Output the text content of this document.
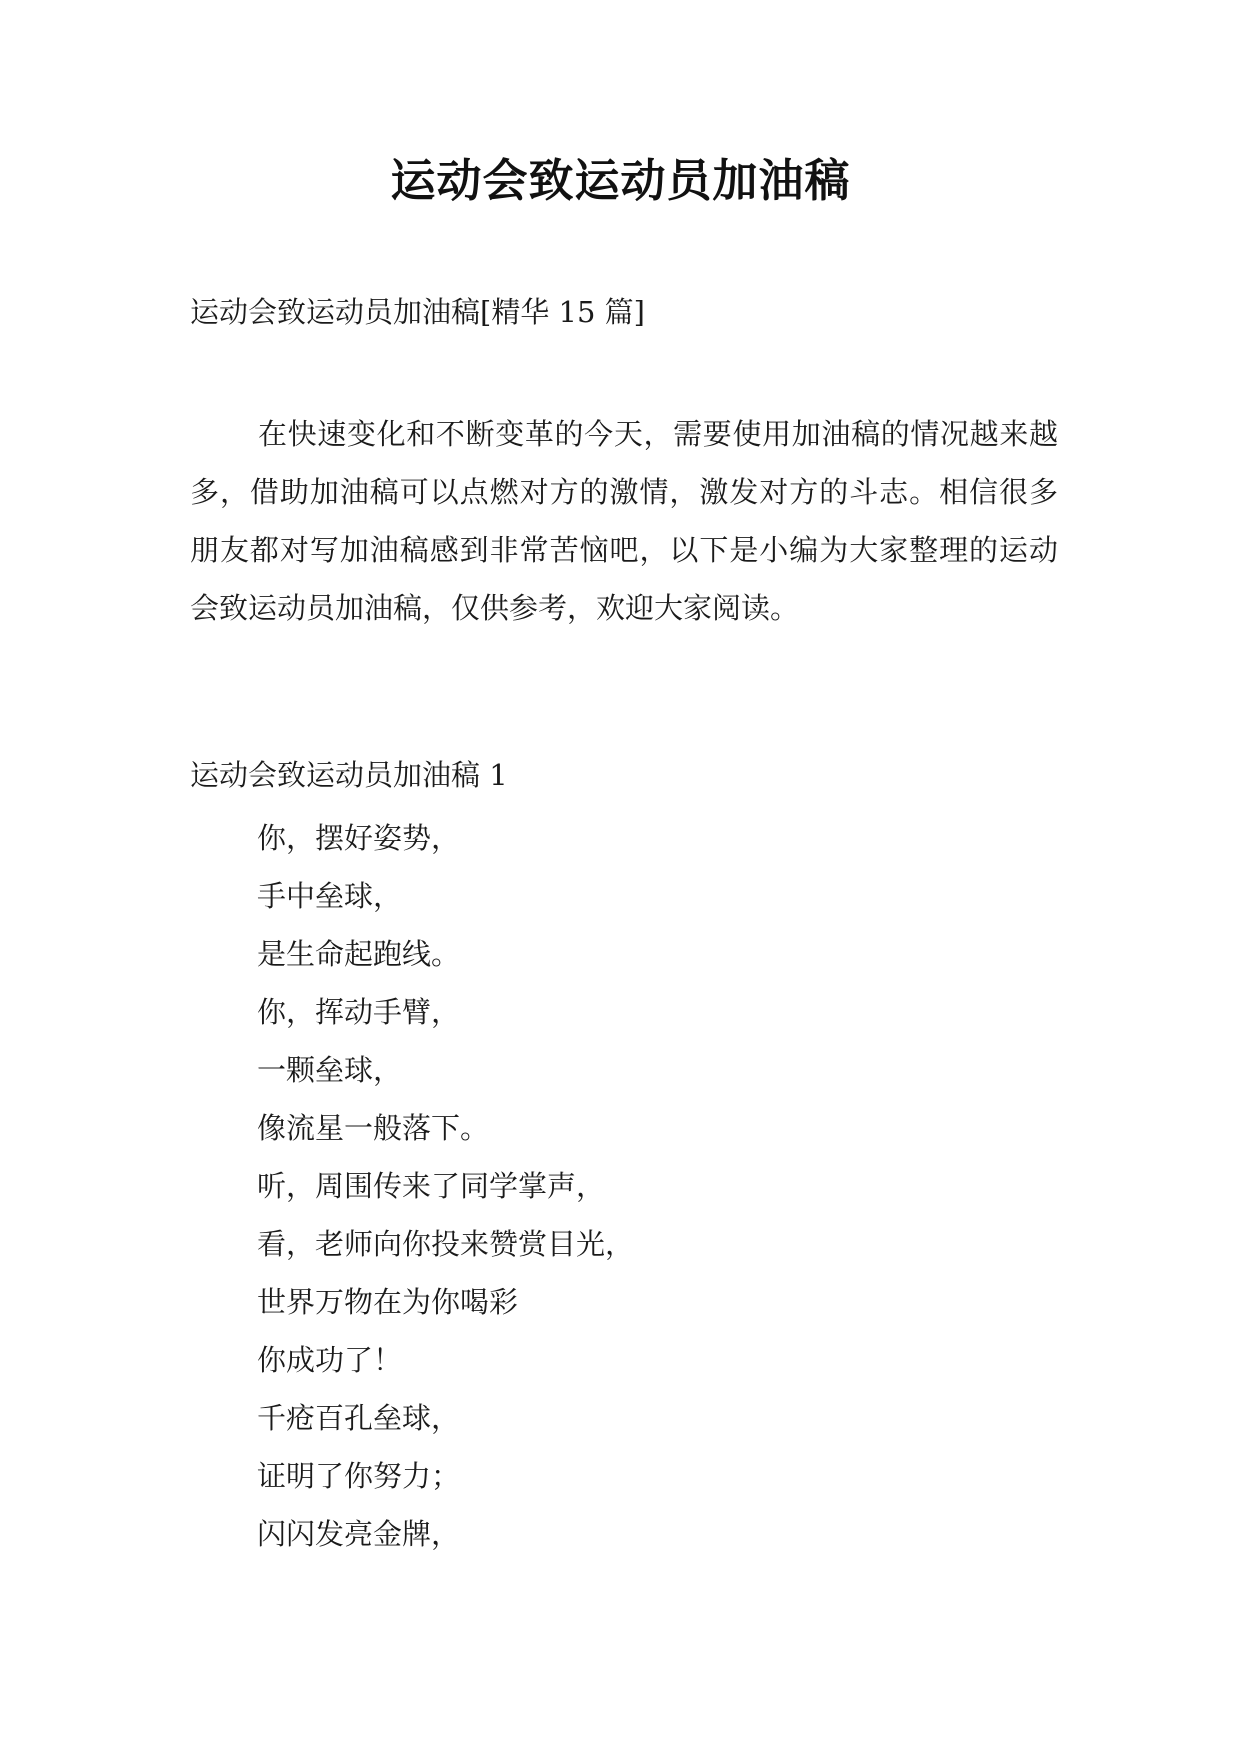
运动会致运动员加油稿
运动会致运动员加油稿[精华 15 篇]

在快速变化和不断变革的今天，需要使用加油稿的情况越来越多，借助加油稿可以点燃对方的激情，激发对方的斗志。相信很多朋友都对写加油稿感到非常苦恼吧，以下是小编为大家整理的运动会致运动员加油稿，仅供参考，欢迎大家阅读。

运动会致运动员加油稿 1
你，摆好姿势，
手中垒球，
是生命起跑线。
你，挥动手臂，
一颗垒球，
像流星一般落下。
听，周围传来了同学掌声，
看，老师向你投来赞赏目光，
世界万物在为你喝彩
你成功了！
千疮百孔垒球，
证明了你努力；
闪闪发亮金牌，
